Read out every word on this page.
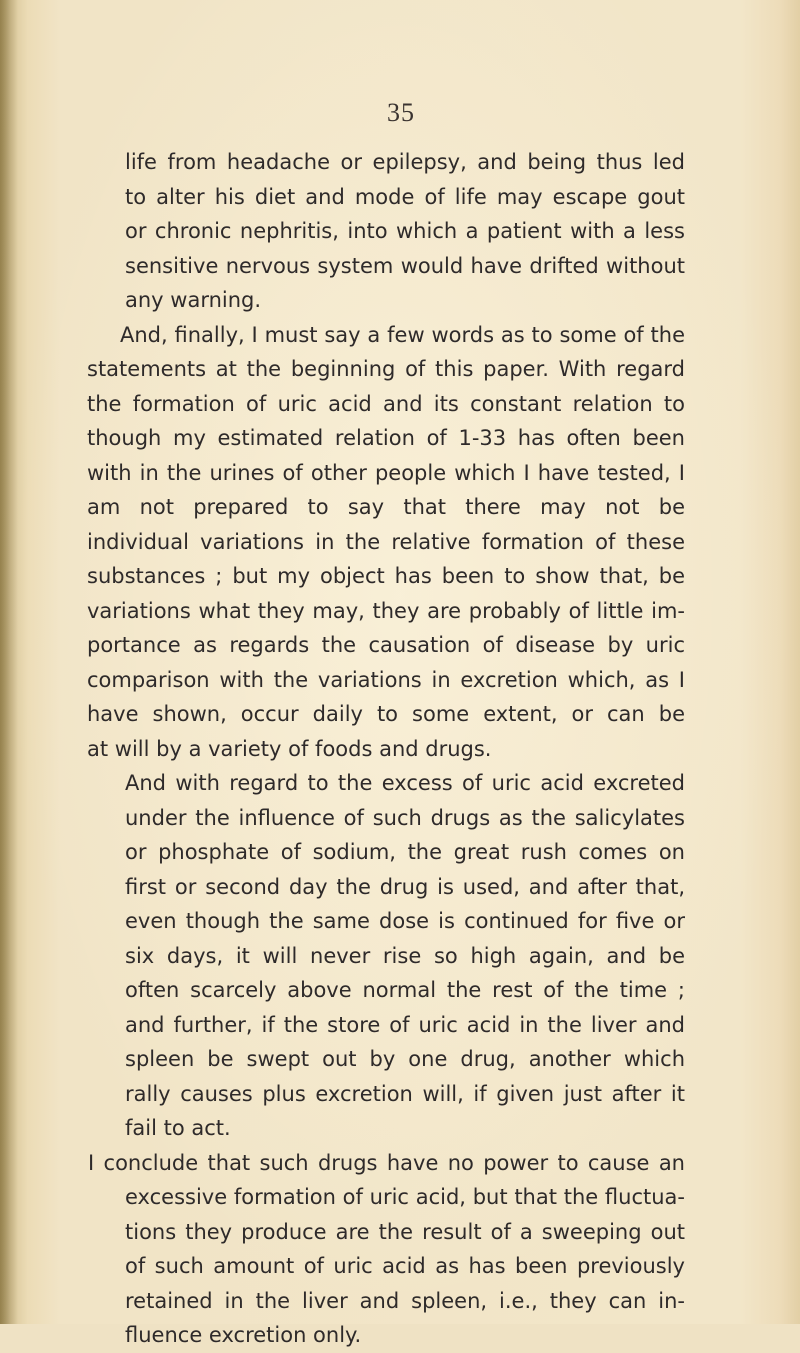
35
life from headache or epilepsy, and being thus led
to alter his diet and mode of life may escape gout
or chronic nephritis, into which a patient with a less
sensitive nervous system would have drifted without
any warning.
And, finally, I must say a few words as to some of the
statements at the beginning of this paper. With regard
the formation of uric acid and its constant relation to
though my estimated relation of 1-33 has often been
with in the urines of other people which I have tested, I
am not prepared to say that there may not be
individual variations in the relative formation of these
substances ; but my object has been to show that, be
variations what they may, they are probably of little im-
portance as regards the causation of disease by uric
comparison with the variations in excretion which, as I
have shown, occur daily to some extent, or can be
at will by a variety of foods and drugs.
And with regard to the excess of uric acid excreted
under the influence of such drugs as the salicylates
or phosphate of sodium, the great rush comes on
first or second day the drug is used, and after that,
even though the same dose is continued for five or
six days, it will never rise so high again, and be
often scarcely above normal the rest of the time ;
and further, if the store of uric acid in the liver and
spleen be swept out by one drug, another which
rally causes plus excretion will, if given just after it
fail to act.
I conclude that such drugs have no power to cause an
excessive formation of uric acid, but that the fluctua-
tions they produce are the result of a sweeping out
of such amount of uric acid as has been previously
retained in the liver and spleen, i.e., they can in-
fluence excretion only.
